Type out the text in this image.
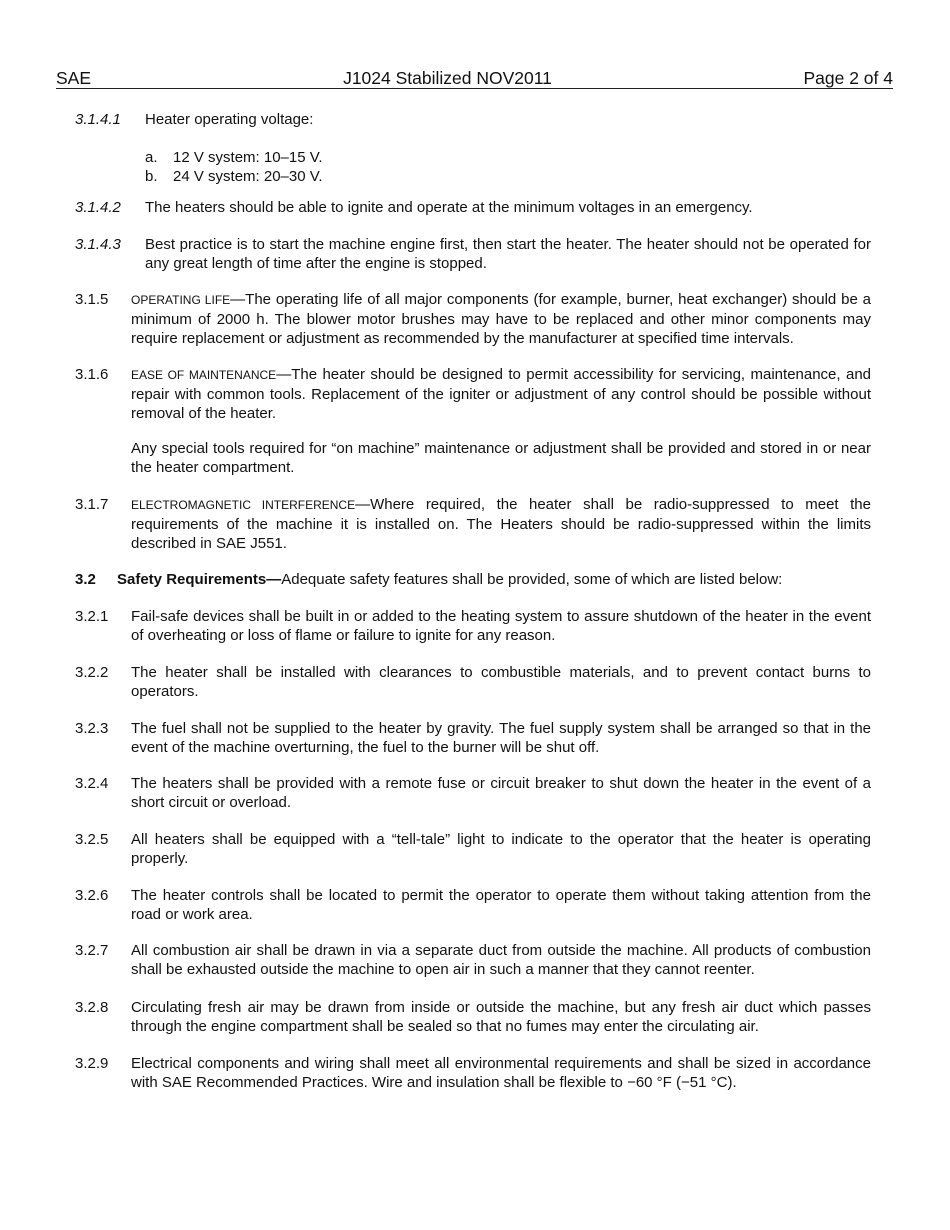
SAE	J1024 Stabilized NOV2011	Page 2 of 4
3.1.4.1 Heater operating voltage:
a. 12 V system: 10–15 V.
b. 24 V system: 20–30 V.
3.1.4.2 The heaters should be able to ignite and operate at the minimum voltages in an emergency.
3.1.4.3 Best practice is to start the machine engine first, then start the heater. The heater should not be operated for any great length of time after the engine is stopped.
3.1.5 OPERATING LIFE—The operating life of all major components (for example, burner, heat exchanger) should be a minimum of 2000 h. The blower motor brushes may have to be replaced and other minor components may require replacement or adjustment as recommended by the manufacturer at specified time intervals.
3.1.6 EASE OF MAINTENANCE—The heater should be designed to permit accessibility for servicing, maintenance, and repair with common tools. Replacement of the igniter or adjustment of any control should be possible without removal of the heater.
Any special tools required for “on machine” maintenance or adjustment shall be provided and stored in or near the heater compartment.
3.1.7 ELECTROMAGNETIC INTERFERENCE—Where required, the heater shall be radio-suppressed to meet the requirements of the machine it is installed on. The Heaters should be radio-suppressed within the limits described in SAE J551.
3.2 Safety Requirements—Adequate safety features shall be provided, some of which are listed below:
3.2.1 Fail-safe devices shall be built in or added to the heating system to assure shutdown of the heater in the event of overheating or loss of flame or failure to ignite for any reason.
3.2.2 The heater shall be installed with clearances to combustible materials, and to prevent contact burns to operators.
3.2.3 The fuel shall not be supplied to the heater by gravity. The fuel supply system shall be arranged so that in the event of the machine overturning, the fuel to the burner will be shut off.
3.2.4 The heaters shall be provided with a remote fuse or circuit breaker to shut down the heater in the event of a short circuit or overload.
3.2.5 All heaters shall be equipped with a “tell-tale” light to indicate to the operator that the heater is operating properly.
3.2.6 The heater controls shall be located to permit the operator to operate them without taking attention from the road or work area.
3.2.7 All combustion air shall be drawn in via a separate duct from outside the machine. All products of combustion shall be exhausted outside the machine to open air in such a manner that they cannot reenter.
3.2.8 Circulating fresh air may be drawn from inside or outside the machine, but any fresh air duct which passes through the engine compartment shall be sealed so that no fumes may enter the circulating air.
3.2.9 Electrical components and wiring shall meet all environmental requirements and shall be sized in accordance with SAE Recommended Practices. Wire and insulation shall be flexible to −60 °F (−51 °C).
